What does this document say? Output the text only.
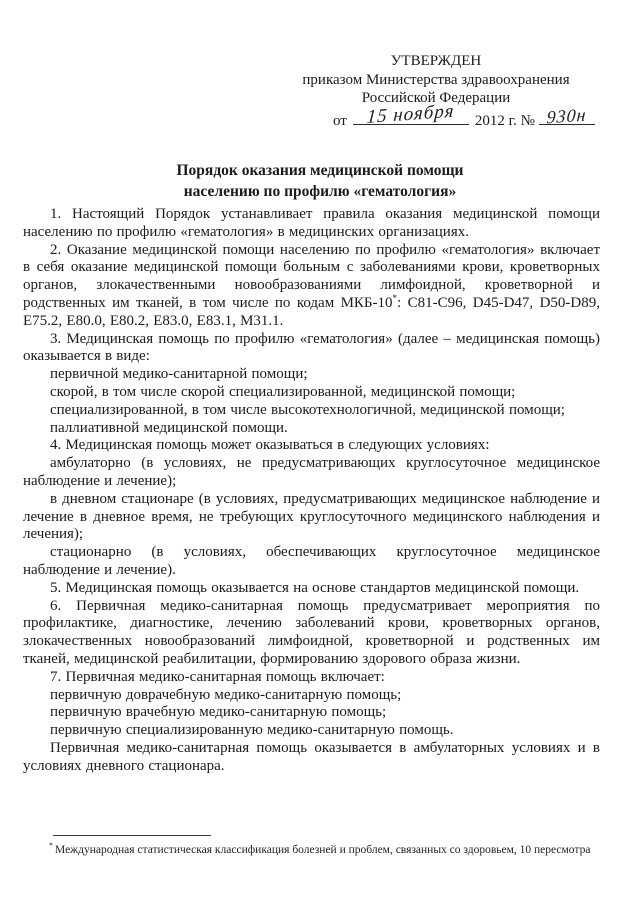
УТВЕРЖДЕН
приказом Министерства здравоохранения
Российской Федерации
от 15 ноября	2012 г. № 930н
Порядок оказания медицинской помощи
населению по профилю «гематология»

1. Настоящий Порядок устанавливает правила оказания медицинской помощи населению по профилю «гематология» в медицинских организациях.

2. Оказание медицинской помощи населению по профилю «гематология» включает в себя оказание медицинской помощи больным с заболеваниями крови, кроветворных органов, злокачественными новообразованиями лимфоидной, кроветворной и родственных им тканей, в том числе по кодам МКБ-10*: C81-C96, D45-D47, D50-D89, E75.2, E80.0, E80.2, E83.0, E83.1, M31.1.

3. Медицинская помощь по профилю «гематология» (далее – медицинская помощь) оказывается в виде:

первичной медико-санитарной помощи;

скорой, в том числе скорой специализированной, медицинской помощи;

специализированной, в том числе высокотехнологичной, медицинской помощи;

паллиативной медицинской помощи.

4. Медицинская помощь может оказываться в следующих условиях:

амбулаторно (в условиях, не предусматривающих круглосуточное медицинское наблюдение и лечение);

в дневном стационаре (в условиях, предусматривающих медицинское наблюдение и лечение в дневное время, не требующих круглосуточного медицинского наблюдения и лечения);

стационарно (в условиях, обеспечивающих круглосуточное медицинское наблюдение и лечение).

5. Медицинская помощь оказывается на основе стандартов медицинской помощи.

6. Первичная медико-санитарная помощь предусматривает мероприятия по профилактике, диагностике, лечению заболеваний крови, кроветворных органов, злокачественных новообразований лимфоидной, кроветворной и родственных им тканей, медицинской реабилитации, формированию здорового образа жизни.

7. Первичная медико-санитарная помощь включает:

первичную доврачебную медико-санитарную помощь;

первичную врачебную медико-санитарную помощь;

первичную специализированную медико-санитарную помощь.

Первичная медико-санитарная помощь оказывается в амбулаторных условиях и в условиях дневного стационара.

* Международная статистическая классификация болезней и проблем, связанных со здоровьем, 10 пересмотра
